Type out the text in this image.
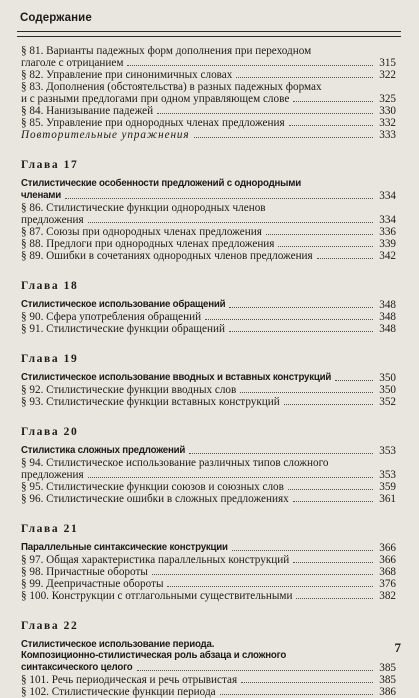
Содержание
§ 81. Варианты падежных форм дополнения при переходном
глаголе с отрицанием	315
§ 82. Управление при синонимичных словах	322
§ 83. Дополнения (обстоятельства) в разных падежных формах
и с разными предлогами при одном управляющем слове	325
§ 84. Нанизывание падежей	330
§ 85. Управление при однородных членах предложения	332
Повторительные упражнения	333
Глава 17
Стилистические особенности предложений с однородными
членами	334
§ 86. Стилистические функции однородных членов
предложения	334
§ 87. Союзы при однородных членах предложения	336
§ 88. Предлоги при однородных членах предложения	339
§ 89. Ошибки в сочетаниях однородных членов предложения	342
Глава 18
Стилистическое использование обращений	348
§ 90. Сфера употребления обращений	348
§ 91. Стилистические функции обращений	348
Глава 19
Стилистическое использование вводных и вставных конструкций	350
§ 92. Стилистические функции вводных слов	350
§ 93. Стилистические функции вставных конструкций	352
Глава 20
Стилистика сложных предложений	353
§ 94. Стилистическое использование различных типов сложного
предложения	353
§ 95. Стилистические функции союзов и союзных слов	359
§ 96. Стилистические ошибки в сложных предложениях	361
Глава 21
Параллельные синтаксические конструкции	366
§ 97. Общая характеристика параллельных конструкций	366
§ 98. Причастные обороты	368
§ 99. Деепричастные обороты	376
§ 100. Конструкции с отглагольными существительными	382
Глава 22
Стилистическое использование периода.
Композиционно-стилистическая роль абзаца и сложного
синтаксического целого	385
§ 101. Речь периодическая и речь отрывистая	385
§ 102. Стилистические функции периода	386
7
